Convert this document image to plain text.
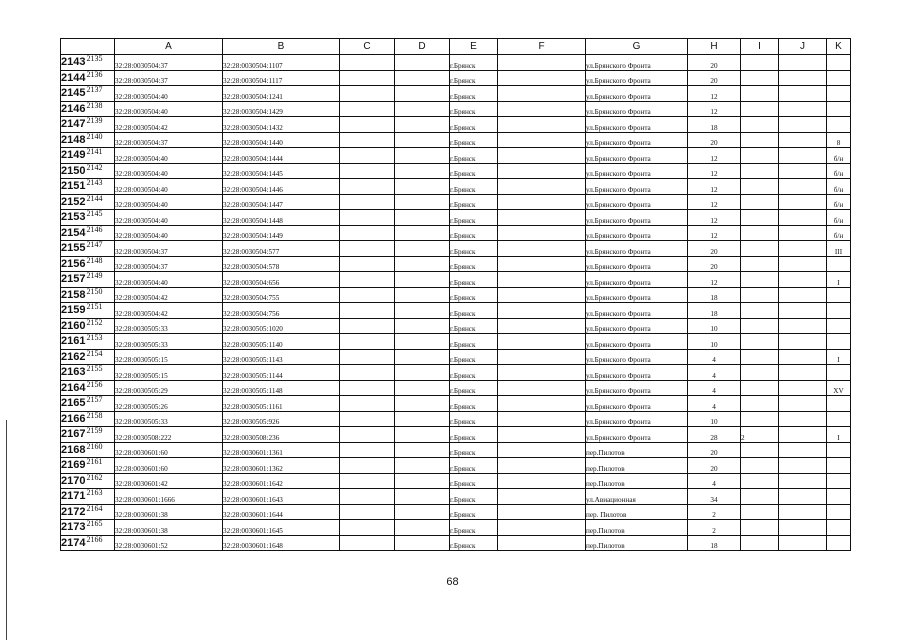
	A	B	C	D	E	F	G	H	I	J	K	
$2143^{2135}$	32:28:0030504:37	32:28:0030504:1107			г.Брянск		ул.Брянского Фронта	20				
$2144^{2136}$	32:28:0030504:37	32:28:0030504:1117			г.Брянск		ул.Брянского Фронта	20				
$2145^{2137}$	32:28:0030504:40	32:28:0030504:1241			г.Брянск		ул.Брянского Фронта	12				
$2146^{2138}$	32:28:0030504:40	32:28:0030504:1429			г.Брянск		ул.Брянского Фронта	12				
$2147^{2139}$	32:28:0030504:42	32:28:0030504:1432			г.Брянск		ул.Брянского Фронта	18				
$2148^{2140}$	32:28:0030504:37	32:28:0030504:1440			г.Брянск		ул.Брянского Фронта	20			8	
$2149^{2141}$	32:28:0030504:40	32:28:0030504:1444			г.Брянск		ул.Брянского Фронта	12			б/н	
$2150^{2142}$	32:28:0030504:40	32:28:0030504:1445			г.Брянск		ул.Брянского Фронта	12			б/н	
$2151^{2143}$	32:28:0030504:40	32:28:0030504:1446			г.Брянск		ул.Брянского Фронта	12			б/н	
$2152^{2144}$	32:28:0030504:40	32:28:0030504:1447			г.Брянск		ул.Брянского Фронта	12			б/н	
$2153^{2145}$	32:28:0030504:40	32:28:0030504:1448			г.Брянск		ул.Брянского Фронта	12			б/н	
$2154^{2146}$	32:28:0030504:40	32:28:0030504:1449			г.Брянск		ул.Брянского Фронта	12			б/н	
$2155^{2147}$	32:28:0030504:37	32:28:0030504:577			г.Брянск		ул.Брянского Фронта	20			III	
$2156^{2148}$	32:28:0030504:37	32:28:0030504:578			г.Брянск		ул.Брянского Фронта	20				
$2157^{2149}$	32:28:0030504:40	32:28:0030504:656			г.Брянск		ул.Брянского Фронта	12			I	
$2158^{2150}$	32:28:0030504:42	32:28:0030504:755			г.Брянск		ул.Брянского Фронта	18				
$2159^{2151}$	32:28:0030504:42	32:28:0030504:756			г.Брянск		ул.Брянского Фронта	18				
$2160^{2152}$	32:28:0030505:33	32:28:0030505:1020			г.Брянск		ул.Брянского Фронта	10				
$2161^{2153}$	32:28:0030505:33	32:28:0030505:1140			г.Брянск		ул.Брянского Фронта	10				
$2162^{2154}$	32:28:0030505:15	32:28:0030505:1143			г.Брянск		ул.Брянского Фронта	4			I	
$2163^{2155}$	32:28:0030505:15	32:28:0030505:1144			г.Брянск		ул.Брянского Фронта	4				
$2164^{2156}$	32:28:0030505:29	32:28:0030505:1148			г.Брянск		ул.Брянского Фронта	4			XV	
$2165^{2157}$	32:28:0030505:26	32:28:0030505:1161			г.Брянск		ул.Брянского Фронта	4				
$2166^{2158}$	32:28:0030505:33	32:28:0030505:926			г.Брянск		ул.Брянского Фронта	10				
$2167^{2159}$	32:28:0030508:222	32:28:0030508:236			г.Брянск		ул.Брянского Фронта	28	2		I	
$2168^{2160}$	32:28:0030601:60	32:28:0030601:1361			г.Брянск		пер.Пилотов	20				
$2169^{2161}$	32:28:0030601:60	32:28:0030601:1362			г.Брянск		пер.Пилотов	20				
$2170^{2162}$	32:28:0030601:42	32:28:0030601:1642			г.Брянск		пер.Пилотов	4				
$2171^{2163}$	32:28:0030601:1666	32:28:0030601:1643			г.Брянск		ул.Авиационная	34				
$2172^{2164}$	32:28:0030601:38	32:28:0030601:1644			г.Брянск		пер. Пилотов	2				
$2173^{2165}$	32:28:0030601:38	32:28:0030601:1645			г.Брянск		пер.Пилотов	2				
$2174^{2166}$	32:28:0030601:52	32:28:0030601:1648			г.Брянск		пер.Пилотов	18				
68
